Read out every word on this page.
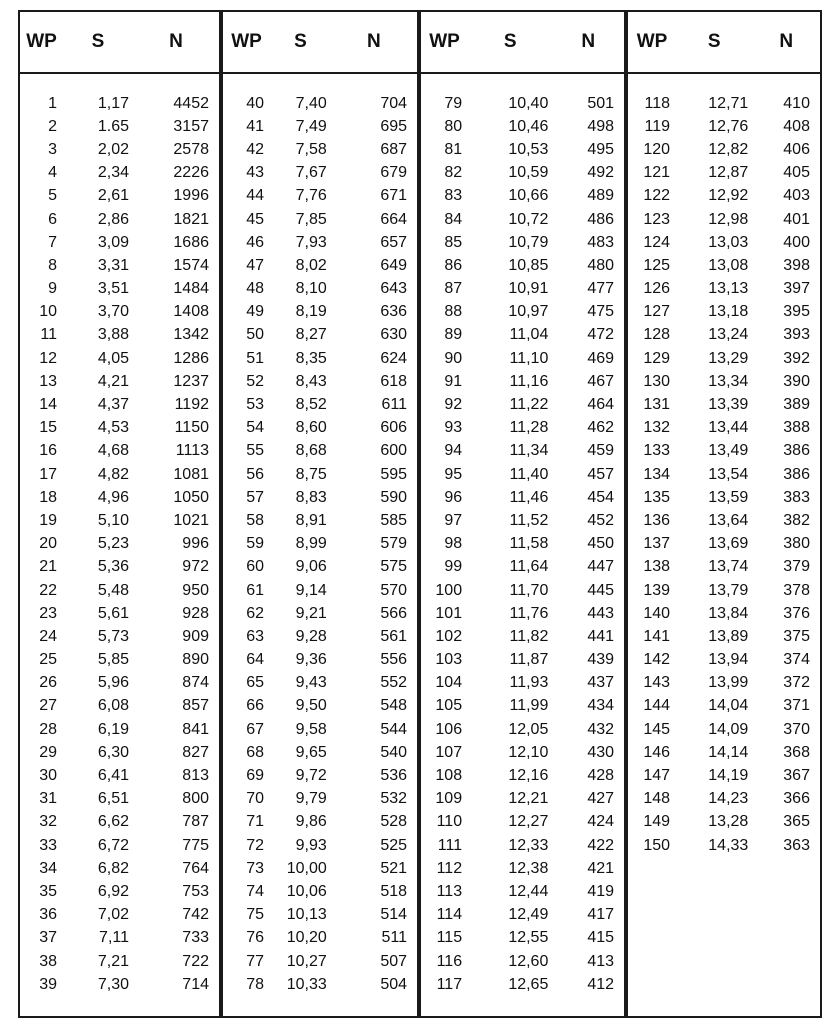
WP	S	N
1	1,17	4452
2	1.65	3157
3	2,02	2578
4	2,34	2226
5	2,61	1996
6	2,86	1821
7	3,09	1686
8	3,31	1574
9	3,51	1484
10	3,70	1408
11	3,88	1342
12	4,05	1286
13	4,21	1237
14	4,37	1192
15	4,53	1150
16	4,68	1113
17	4,82	1081
18	4,96	1050
19	5,10	1021
20	5,23	996
21	5,36	972
22	5,48	950
23	5,61	928
24	5,73	909
25	5,85	890
26	5,96	874
27	6,08	857
28	6,19	841
29	6,30	827
30	6,41	813
31	6,51	800
32	6,62	787
33	6,72	775
34	6,82	764
35	6,92	753
36	7,02	742
37	7,11	733
38	7,21	722
39	7,30	714
WP	S	N
40	7,40	704
41	7,49	695
42	7,58	687
43	7,67	679
44	7,76	671
45	7,85	664
46	7,93	657
47	8,02	649
48	8,10	643
49	8,19	636
50	8,27	630
51	8,35	624
52	8,43	618
53	8,52	611
54	8,60	606
55	8,68	600
56	8,75	595
57	8,83	590
58	8,91	585
59	8,99	579
60	9,06	575
61	9,14	570
62	9,21	566
63	9,28	561
64	9,36	556
65	9,43	552
66	9,50	548
67	9,58	544
68	9,65	540
69	9,72	536
70	9,79	532
71	9,86	528
72	9,93	525
73	10,00	521
74	10,06	518
75	10,13	514
76	10,20	511
77	10,27	507
78	10,33	504
WP	S	N
79	10,40	501
80	10,46	498
81	10,53	495
82	10,59	492
83	10,66	489
84	10,72	486
85	10,79	483
86	10,85	480
87	10,91	477
88	10,97	475
89	11,04	472
90	11,10	469
91	11,16	467
92	11,22	464
93	11,28	462
94	11,34	459
95	11,40	457
96	11,46	454
97	11,52	452
98	11,58	450
99	11,64	447
100	11,70	445
101	11,76	443
102	11,82	441
103	11,87	439
104	11,93	437
105	11,99	434
106	12,05	432
107	12,10	430
108	12,16	428
109	12,21	427
110	12,27	424
111	12,33	422
112	12,38	421
113	12,44	419
114	12,49	417
115	12,55	415
116	12,60	413
117	12,65	412
WP	S	N
118	12,71	410
119	12,76	408
120	12,82	406
121	12,87	405
122	12,92	403
123	12,98	401
124	13,03	400
125	13,08	398
126	13,13	397
127	13,18	395
128	13,24	393
129	13,29	392
130	13,34	390
131	13,39	389
132	13,44	388
133	13,49	386
134	13,54	386
135	13,59	383
136	13,64	382
137	13,69	380
138	13,74	379
139	13,79	378
140	13,84	376
141	13,89	375
142	13,94	374
143	13,99	372
144	14,04	371
145	14,09	370
146	14,14	368
147	14,19	367
148	14,23	366
149	13,28	365
150	14,33	363
